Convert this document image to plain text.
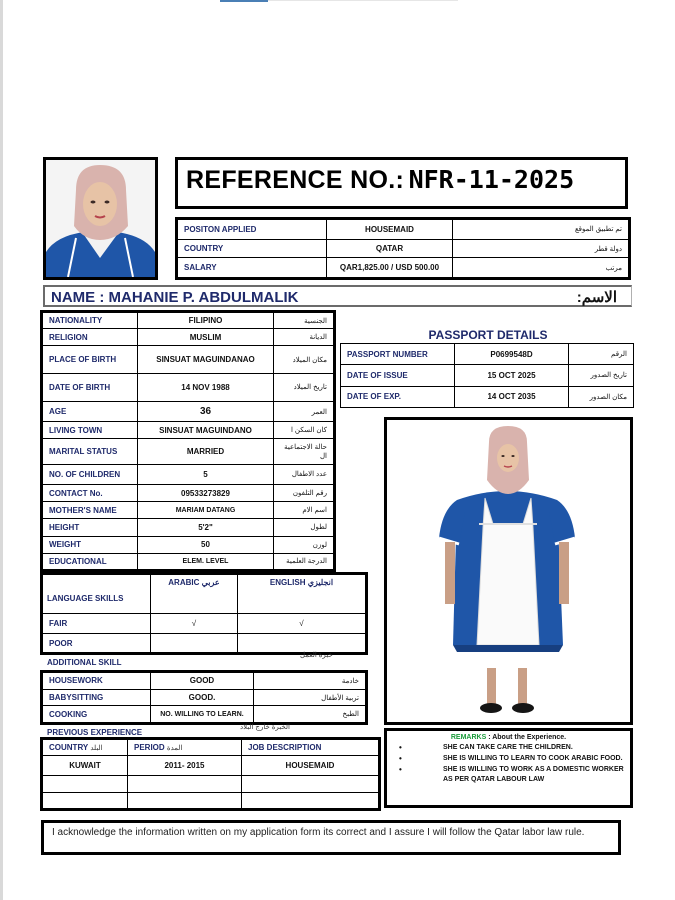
REFERENCE NO.: NFR-11-2025
POSITON APPLIED	HOUSEMAID	تم تطبيق الموقع
COUNTRY	QATAR	دولة قطر
SALARY	QAR1,825.00 / USD 500.00	مرتب
NAME : MAHANIE P. ABDULMALIK	:الاسم
NATIONALITY	FILIPINO	الجنسية
RELIGION	MUSLIM	الديانة
PLACE OF BIRTH	SINSUAT MAGUINDANAO	مكان الميلاد
DATE OF BIRTH	14 NOV 1988	تاريخ الميلاد
AGE	36	العمر
LIVING TOWN	SINSUAT MAGUINDANO	كان السكن ا
MARITAL STATUS	MARRIED	حالة الاجتماعية ال
NO. OF CHILDREN	5	عدد الاطفال
CONTACT No.	09533273829	رقم التلفون
MOTHER'S NAME	MARIAM DATANG	اسم الام
HEIGHT	5'2"	لطول
WEIGHT	50	لوزن
EDUCATIONAL	ELEM. LEVEL	الدرجة العلمية
PASSPORT DETAILS
PASSPORT NUMBER	P0699548D	الرقم
DATE OF ISSUE	15 OCT 2025	تاريخ الصدور
DATE OF EXP.	14 OCT 2035	مكان الصدور
LANGUAGE SKILLS	ARABIC عربي	ENGLISH انجليزي
FAIR	√	√
POOR		
ADDITIONAL SKILL
خبرة العمل
HOUSEWORK	GOOD	خادمة
BABYSITTING	GOOD.	تربية الأطفال
COOKING	NO. WILLING TO LEARN.	الطبخ
PREVIOUS EXPERIENCE
الخبرة خارج البلاد
COUNTRY البلد	PERIOD المدة	JOB DESCRIPTION
KUWAIT	2011- 2015	HOUSEMAID

REMARKS : About the Experience.
•	SHE CAN TAKE CARE THE CHILDREN.
•	SHE IS WILLING TO LEARN TO COOK ARABIC FOOD.
•	SHE IS WILLING TO WORK AS A DOMESTIC WORKER AS PER QATAR LABOUR LAW
I acknowledge the information written on my application form its correct and I assure I will follow the Qatar labor law rule.
